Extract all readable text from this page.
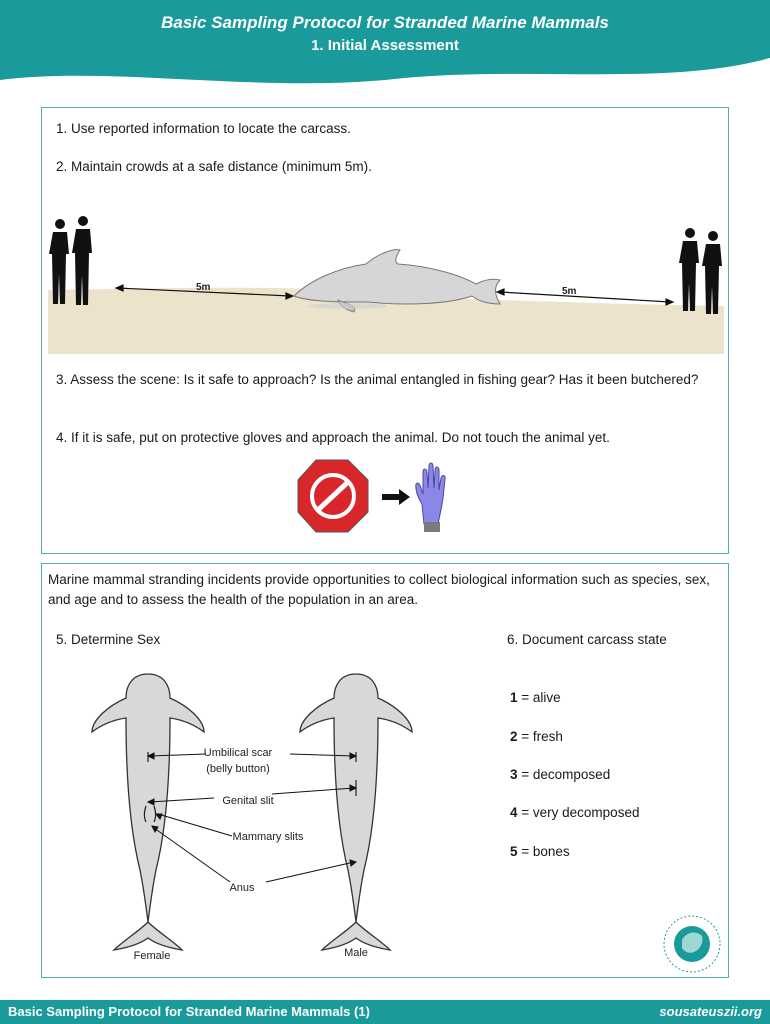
Basic Sampling Protocol for Stranded Marine Mammals
1. Initial Assessment
1. Use reported information to locate the carcass.
2. Maintain crowds at a safe distance (minimum 5m).
5m	5m
3. Assess the scene: Is it safe to approach? Is the animal entangled in fishing gear? Has it been butchered?
4. If it is safe, put on protective gloves and approach the animal. Do not touch the animal yet.
Marine mammal stranding incidents provide opportunities to collect biological information such as species, sex, and age and to assess the health of the population in an area.
5. Determine Sex	6. Document carcass state
Umbilical scar
(belly button)
Genital slit
Mammary slits
Anus
Female	Male
1 = alive
2 = fresh
3 = decomposed
4 = very decomposed
5 = bones
Basic Sampling Protocol for Stranded Marine Mammals (1)	sousateuszii.org
